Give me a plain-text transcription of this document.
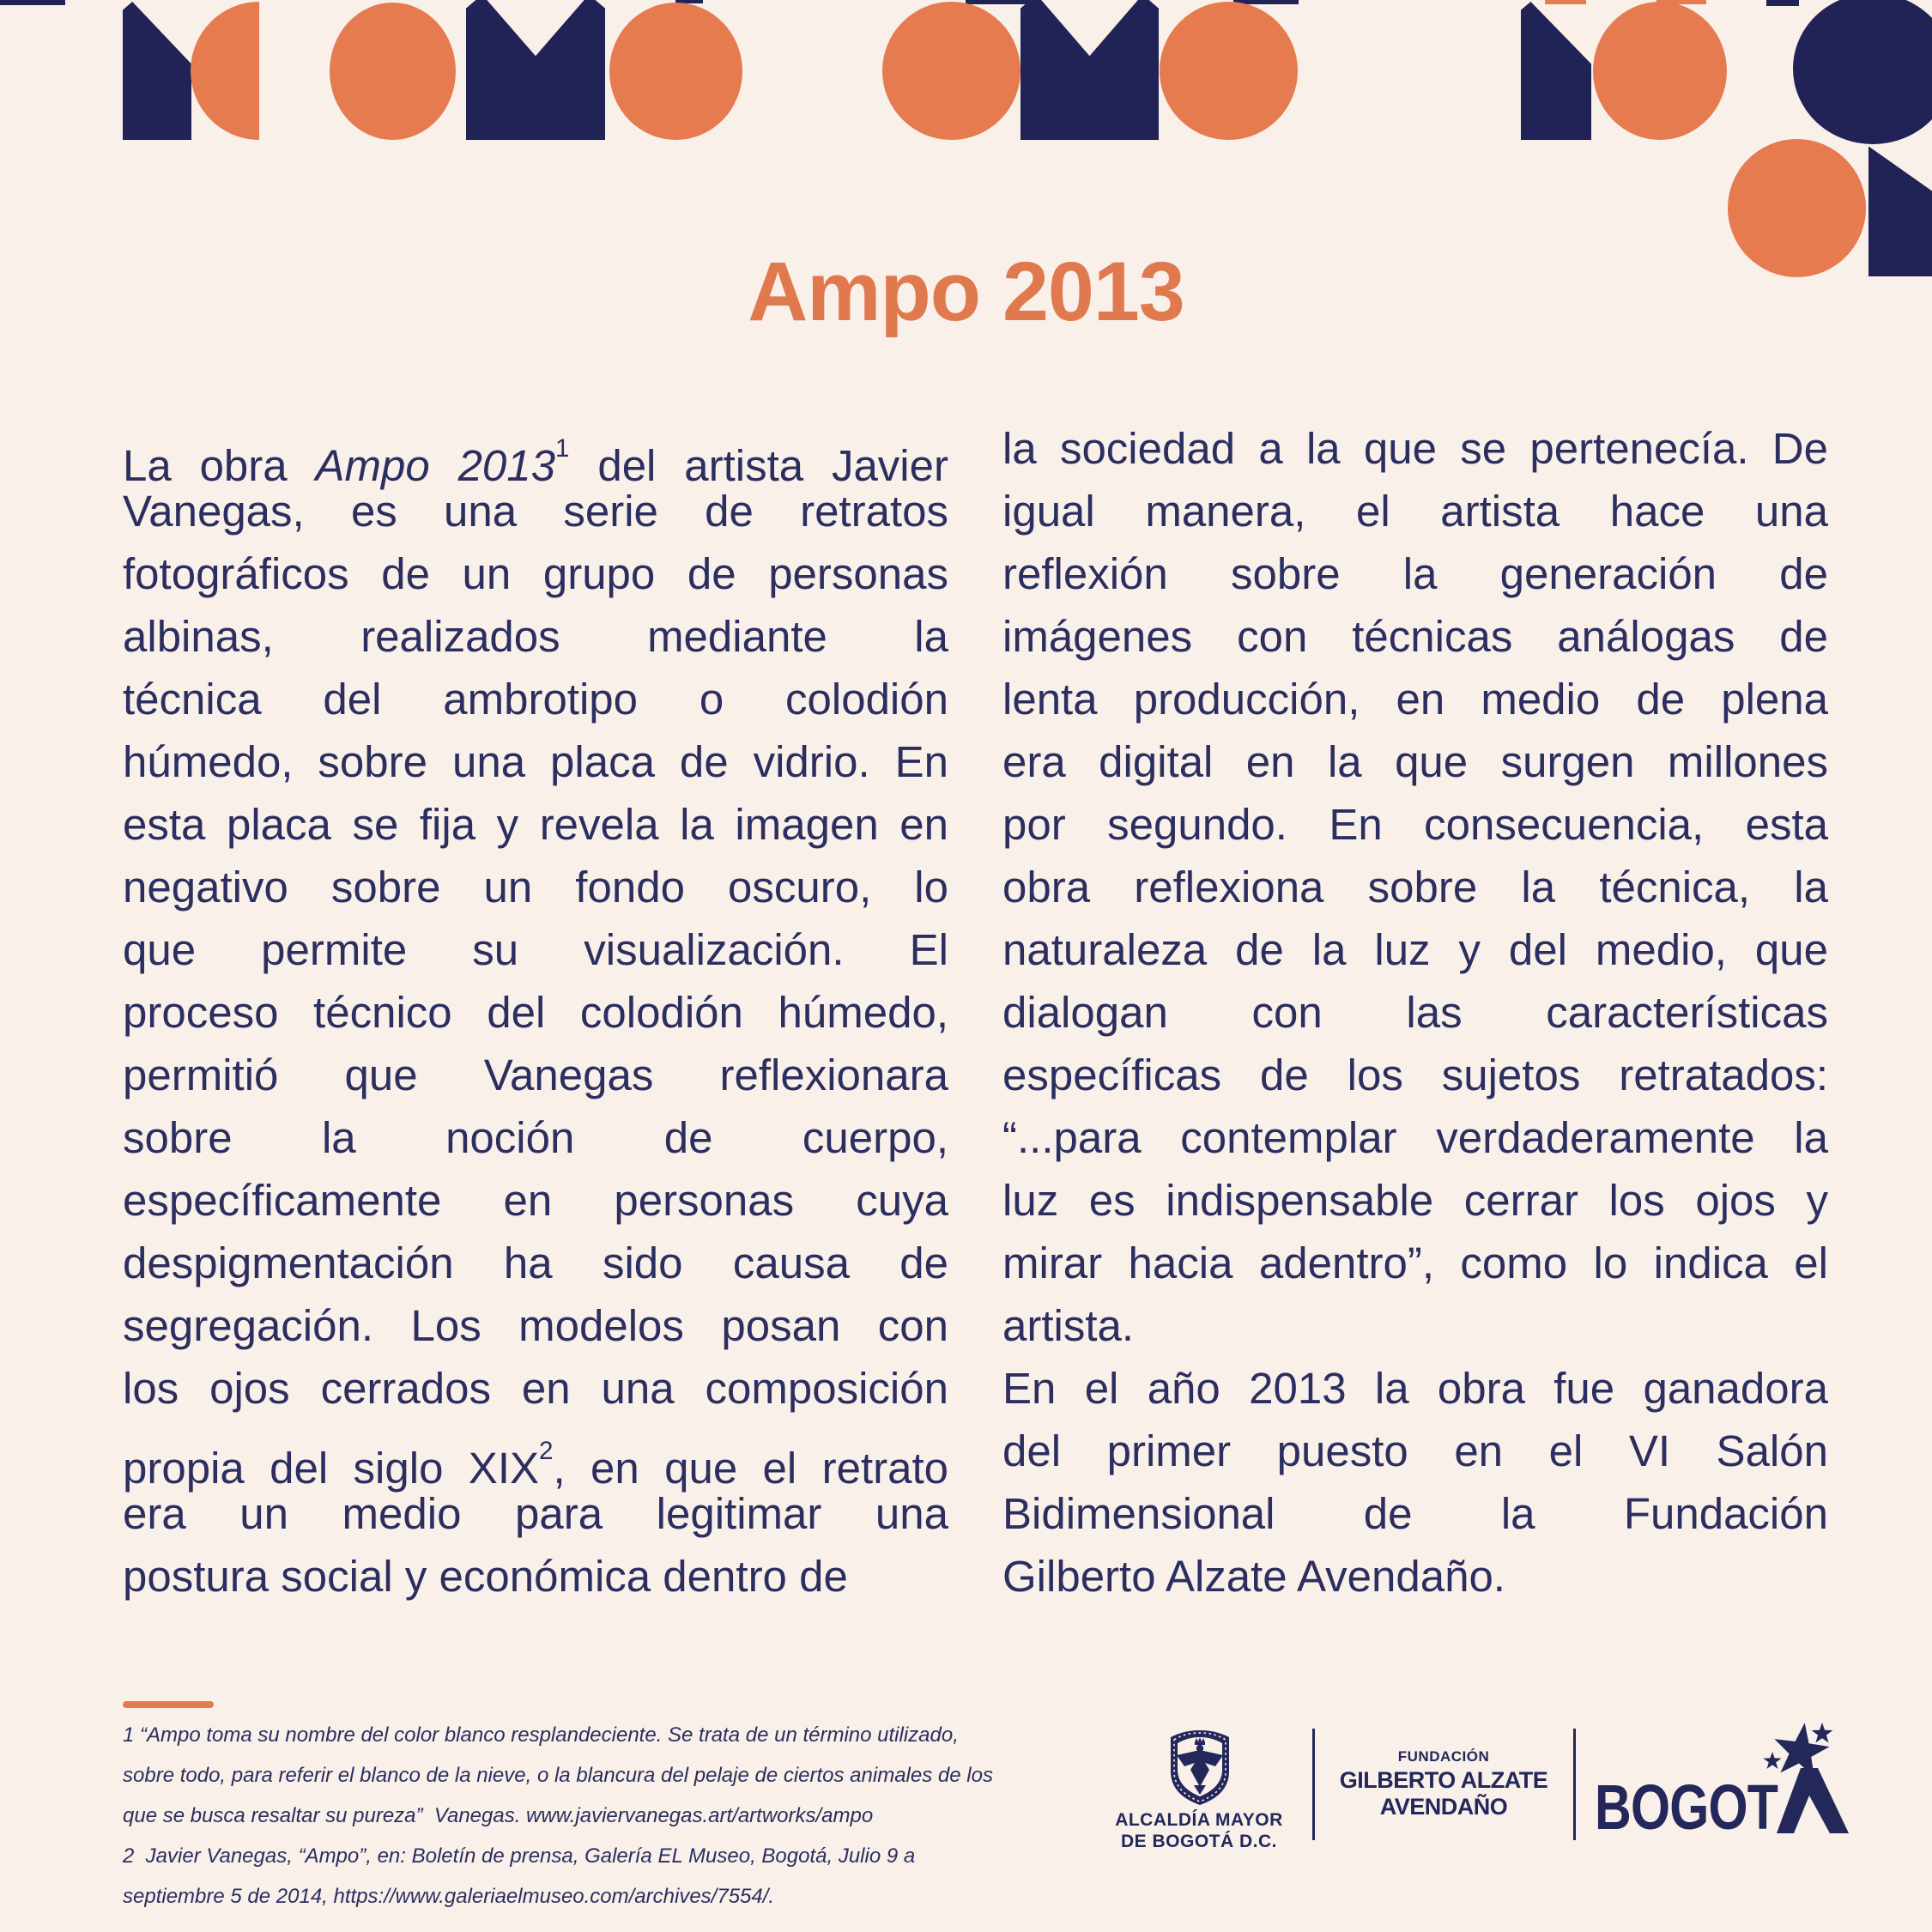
Ampo 2013
La obra Ampo 2013$^1$ del artista Javier
Vanegas, es una serie de retratos
fotográficos de un grupo de personas
albinas, realizados mediante la
técnica del ambrotipo o colodión
húmedo, sobre una placa de vidrio. En
esta placa se fija y revela la imagen en
negativo sobre un fondo oscuro, lo
que permite su visualización. El
proceso técnico del colodión húmedo,
permitió que Vanegas reflexionara
sobre la noción de cuerpo,
específicamente en personas cuya
despigmentación ha sido causa de
segregación. Los modelos posan con
los ojos cerrados en una composición
propia del siglo XIX$^2$, en que el retrato
era un medio para legitimar una
postura social y económica dentro de
la sociedad a la que se pertenecía. De
igual manera, el artista hace una
reflexión sobre la generación de
imágenes con técnicas análogas de
lenta producción, en medio de plena
era digital en la que surgen millones
por segundo. En consecuencia, esta
obra reflexiona sobre la técnica, la
naturaleza de la luz y del medio, que
dialogan con las características
específicas de los sujetos retratados:
“...para contemplar verdaderamente la
luz es indispensable cerrar los ojos y
mirar hacia adentro”, como lo indica el
artista.
En el año 2013 la obra fue ganadora
del primer puesto en el VI Salón
Bidimensional de la Fundación
Gilberto Alzate Avendaño.
1 “Ampo toma su nombre del color blanco resplandeciente. Se trata de un término utilizado,
sobre todo, para referir el blanco de la nieve, o la blancura del pelaje de ciertos animales de los
que se busca resaltar su pureza”  Vanegas. www.javiervanegas.art/artworks/ampo
2  Javier Vanegas, “Ampo”, en: Boletín de prensa, Galería EL Museo, Bogotá, Julio 9 a
septiembre 5 de 2014, https://www.galeriaelmuseo.com/archives/7554/.
ALCALDÍA MAYOR
DE BOGOTÁ D.C.
FUNDACIÓN
GILBERTO ALZATE
AVENDAÑO	BOGOT
